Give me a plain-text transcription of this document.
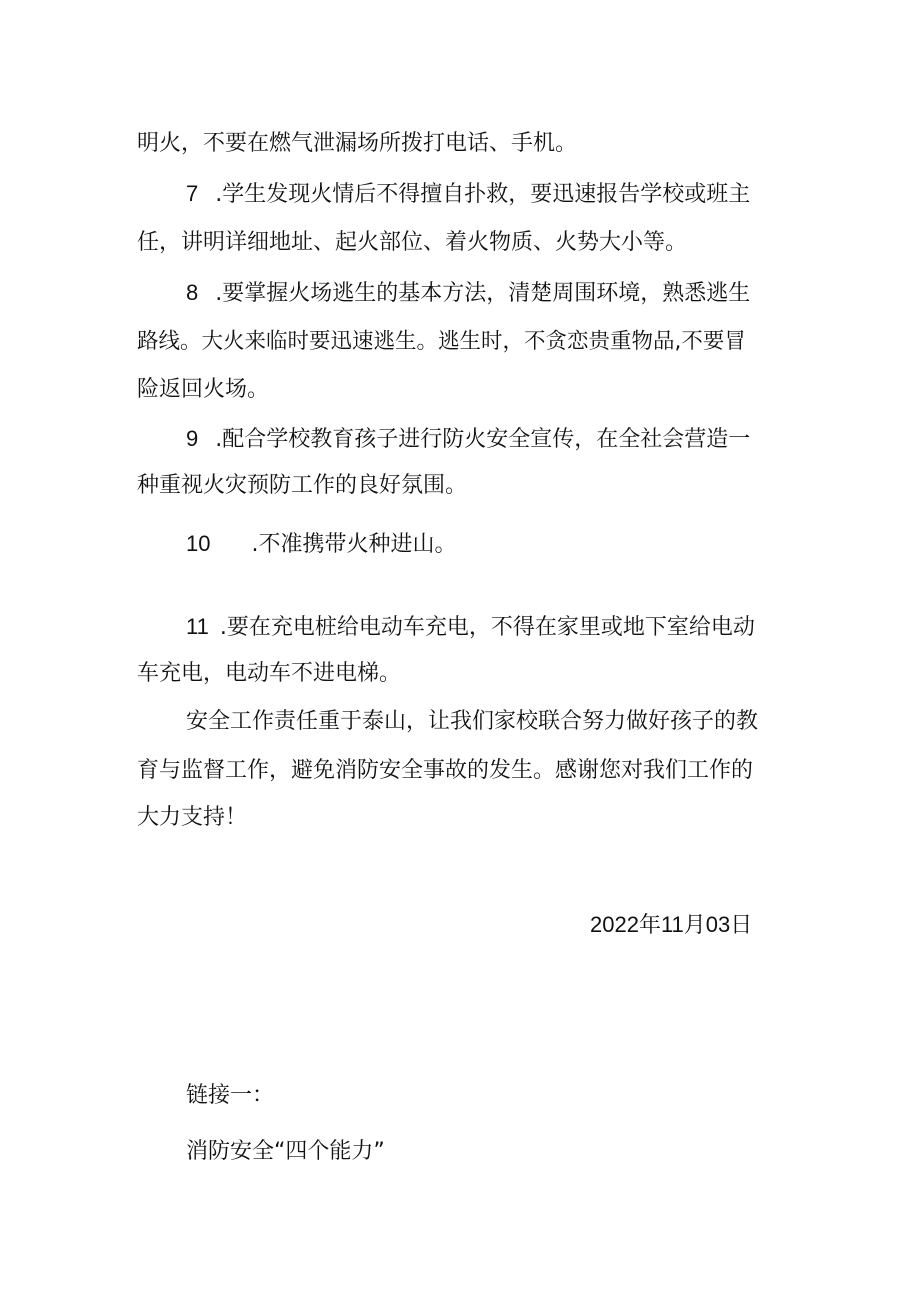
明火，不要在燃气泄漏场所拨打电话、手机。
7 .学生发现火情后不得擅自扑救，要迅速报告学校或班主
任，讲明详细地址、起火部位、着火物质、火势大小等。
8 .要掌握火场逃生的基本方法，清楚周围环境，熟悉逃生
路线。大火来临时要迅速逃生。逃生时，不贪恋贵重物品,不要冒
险返回火场。
9 .配合学校教育孩子进行防火安全宣传，在全社会营造一
种重视火灾预防工作的良好氛围。
10 .不准携带火种进山。
11 .要在充电桩给电动车充电，不得在家里或地下室给电动
车充电，电动车不进电梯。
安全工作责任重于泰山，让我们家校联合努力做好孩子的教
育与监督工作，避免消防安全事故的发生。感谢您对我们工作的
大力支持！
2022年11月03日
链接一：
消防安全“四个能力”
